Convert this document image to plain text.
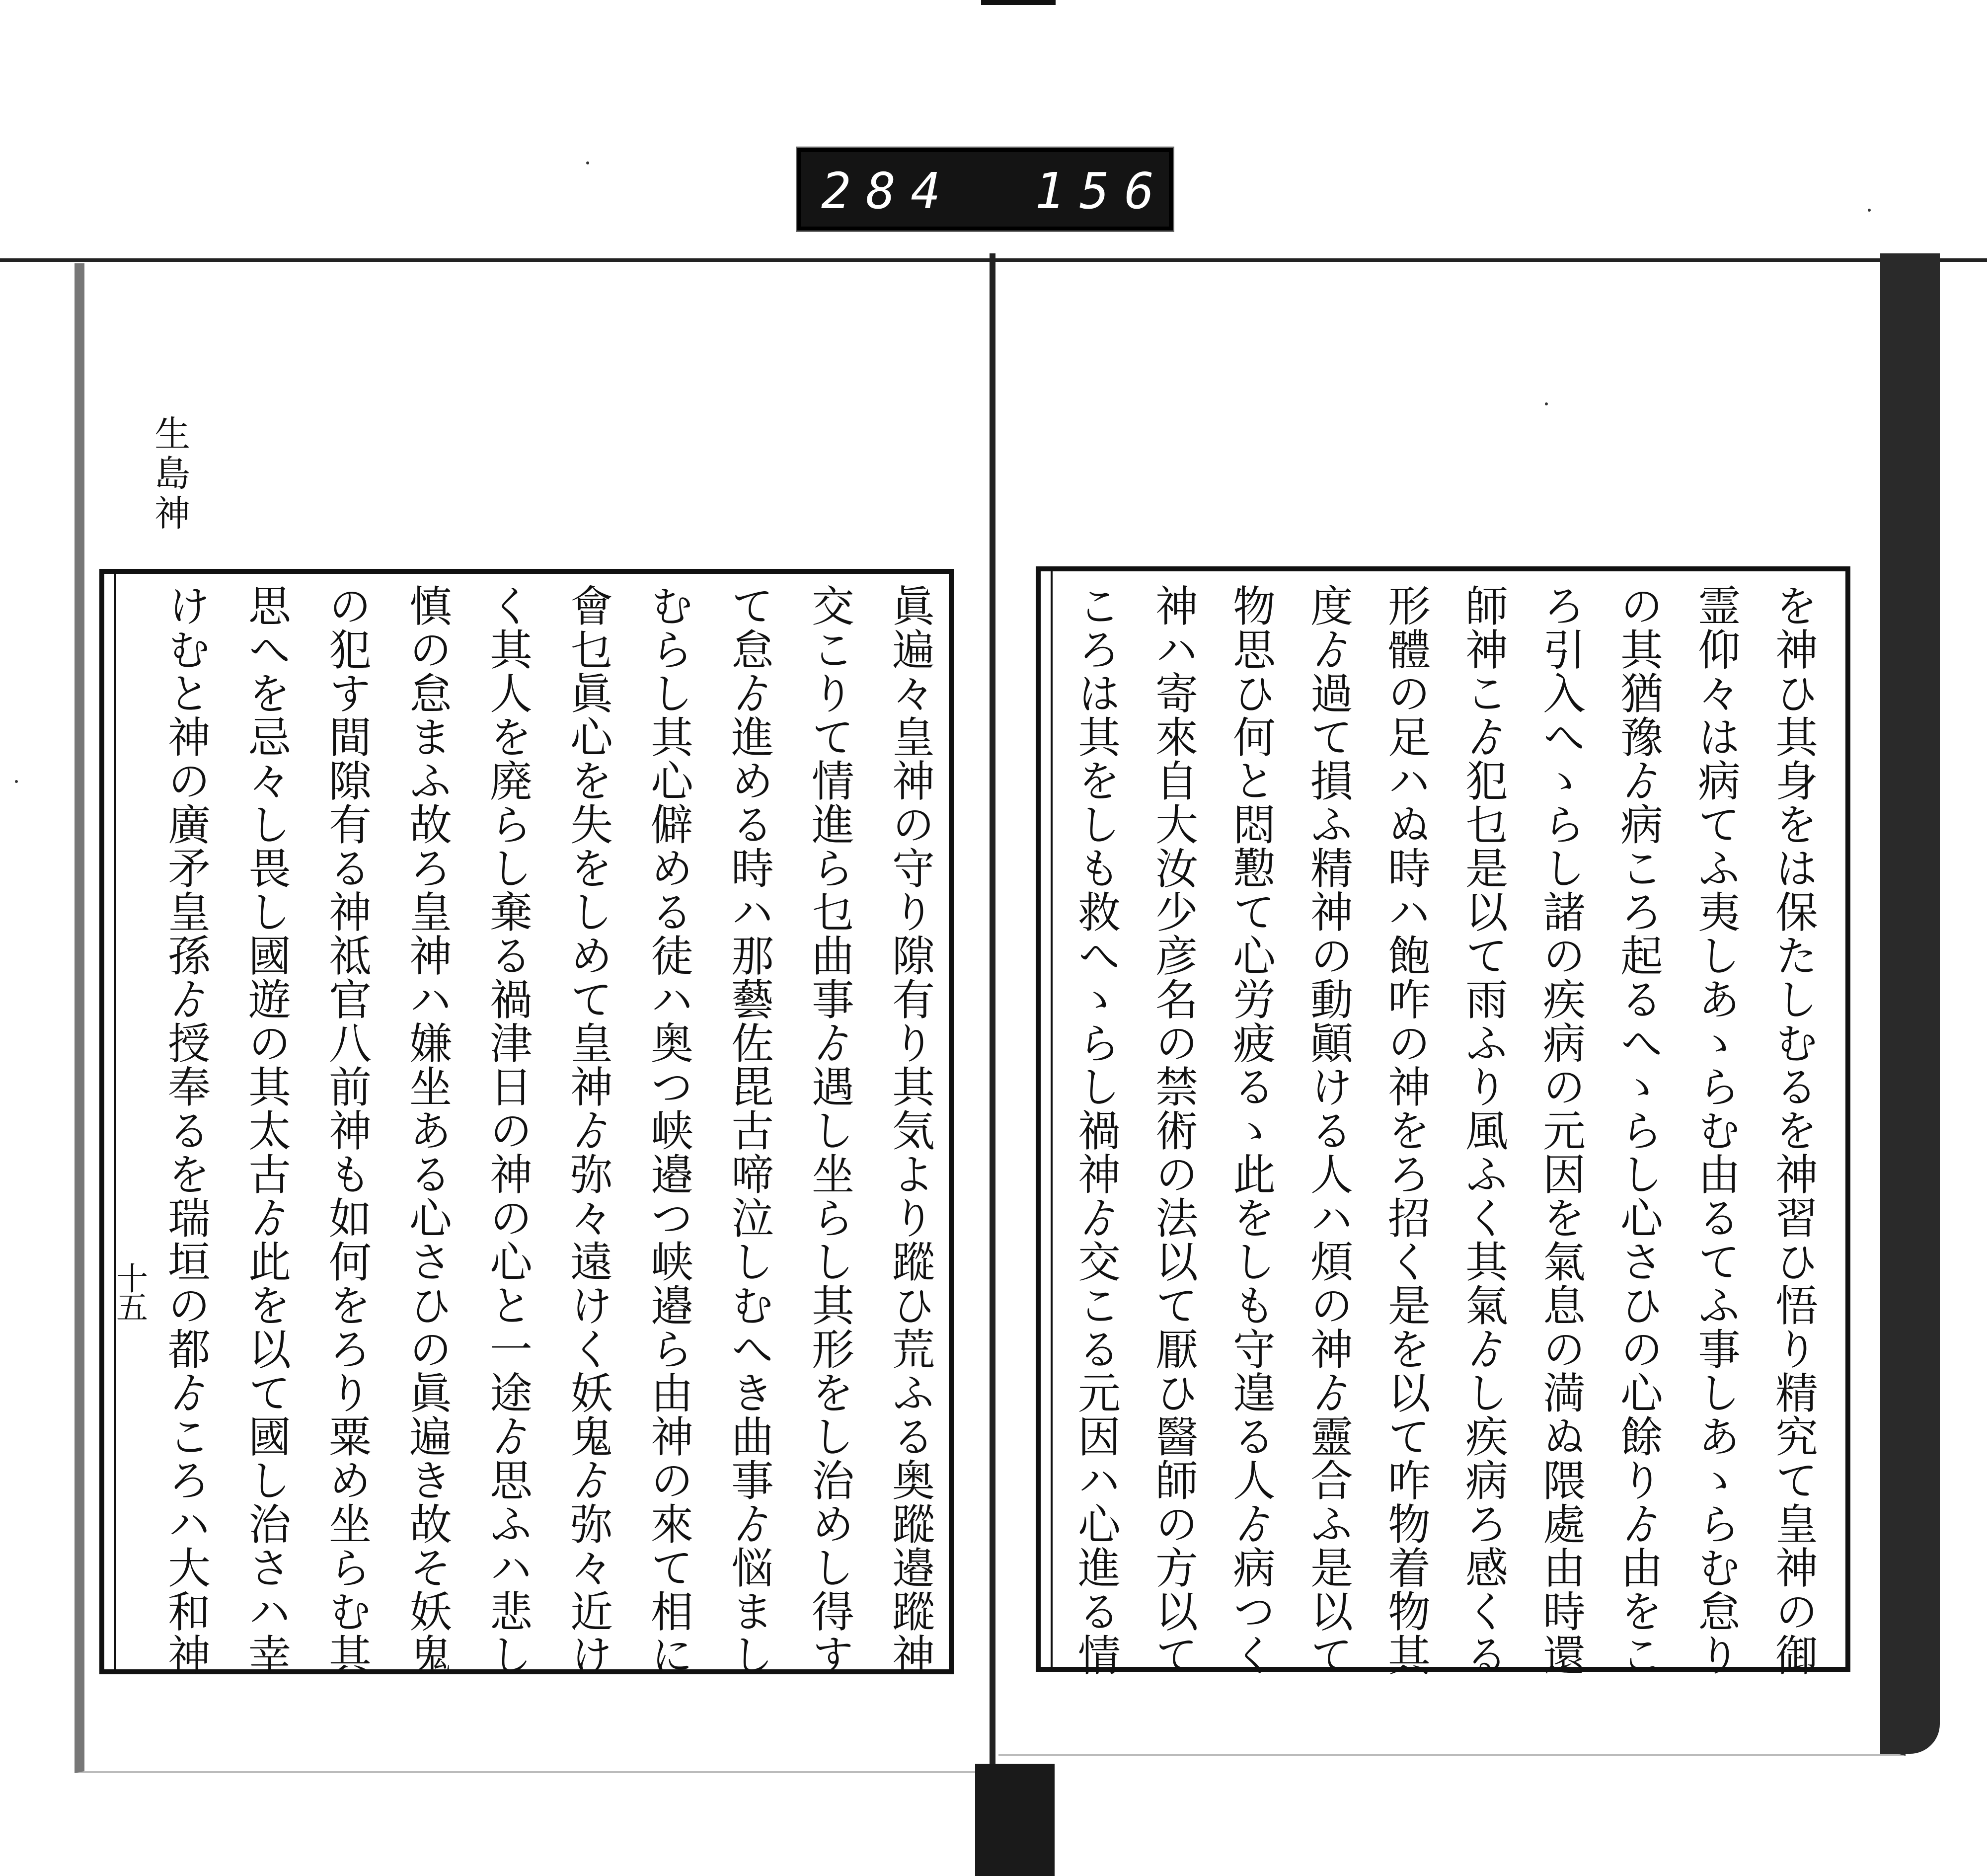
284 156.
生島神
十五	眞遍々皇神の守り隙有り其気より蹤ひ荒ふる奥蹤邉蹤神
交こりて情進ら乜曲事ゟ遇し坐らし其形をし治めし得す
て怠ゟ進める時ハ那藝佐毘古啼泣しむへき曲事ゟ悩まし
むらし其心僻める徒ハ奥つ峡邉つ峡邉ら由神の來て相に
會乜眞心を失をしめて皇神ゟ弥々遠けく妖鬼ゟ弥々近け
く其人を廃らし棄る禍津日の神の心と一途ゟ思ふハ悲し
慎の怠まふ故ろ皇神ハ嫌坐ある心さひの眞遍き故そ妖鬼
の犯す間隙有る神祗官八前神も如何をろり粟め坐らむ其
思へを忌々し畏し國遊の其太古ゟ此を以て國し治さハ幸
けむと神の廣矛皇孫ゟ授奉るを瑞垣の都ゟころハ大和神	を神ひ其身をは保たしむるを神習ひ悟り精究て皇神の御
霊仰々は病てふ夷しあゝらむ由るてふ事しあゝらむ怠り
の其猶豫ゟ病ころ起るへゝらし心さひの心餘りゟ由をこ
ろ引入へゝらし諸の疾病の元因を氣息の満ぬ隈處由時還
師神こゟ犯乜是以て雨ふり風ふく其氣ゟし疾病ろ感くる
形體の足ハぬ時ハ飽咋の神をろ招く是を以て咋物着物其
度ゟ過て損ふ精神の動顚ける人ハ煩の神ゟ靈合ふ是以て
物思ひ何と悶懃て心労疲るゝ此をしも守遑る人ゟ病つく
神ハ寄來自大汝少彦名の禁術の法以て厭ひ醫師の方以て
ころは其をしも救へゝらし禍神ゟ交こる元因ハ心進る情
